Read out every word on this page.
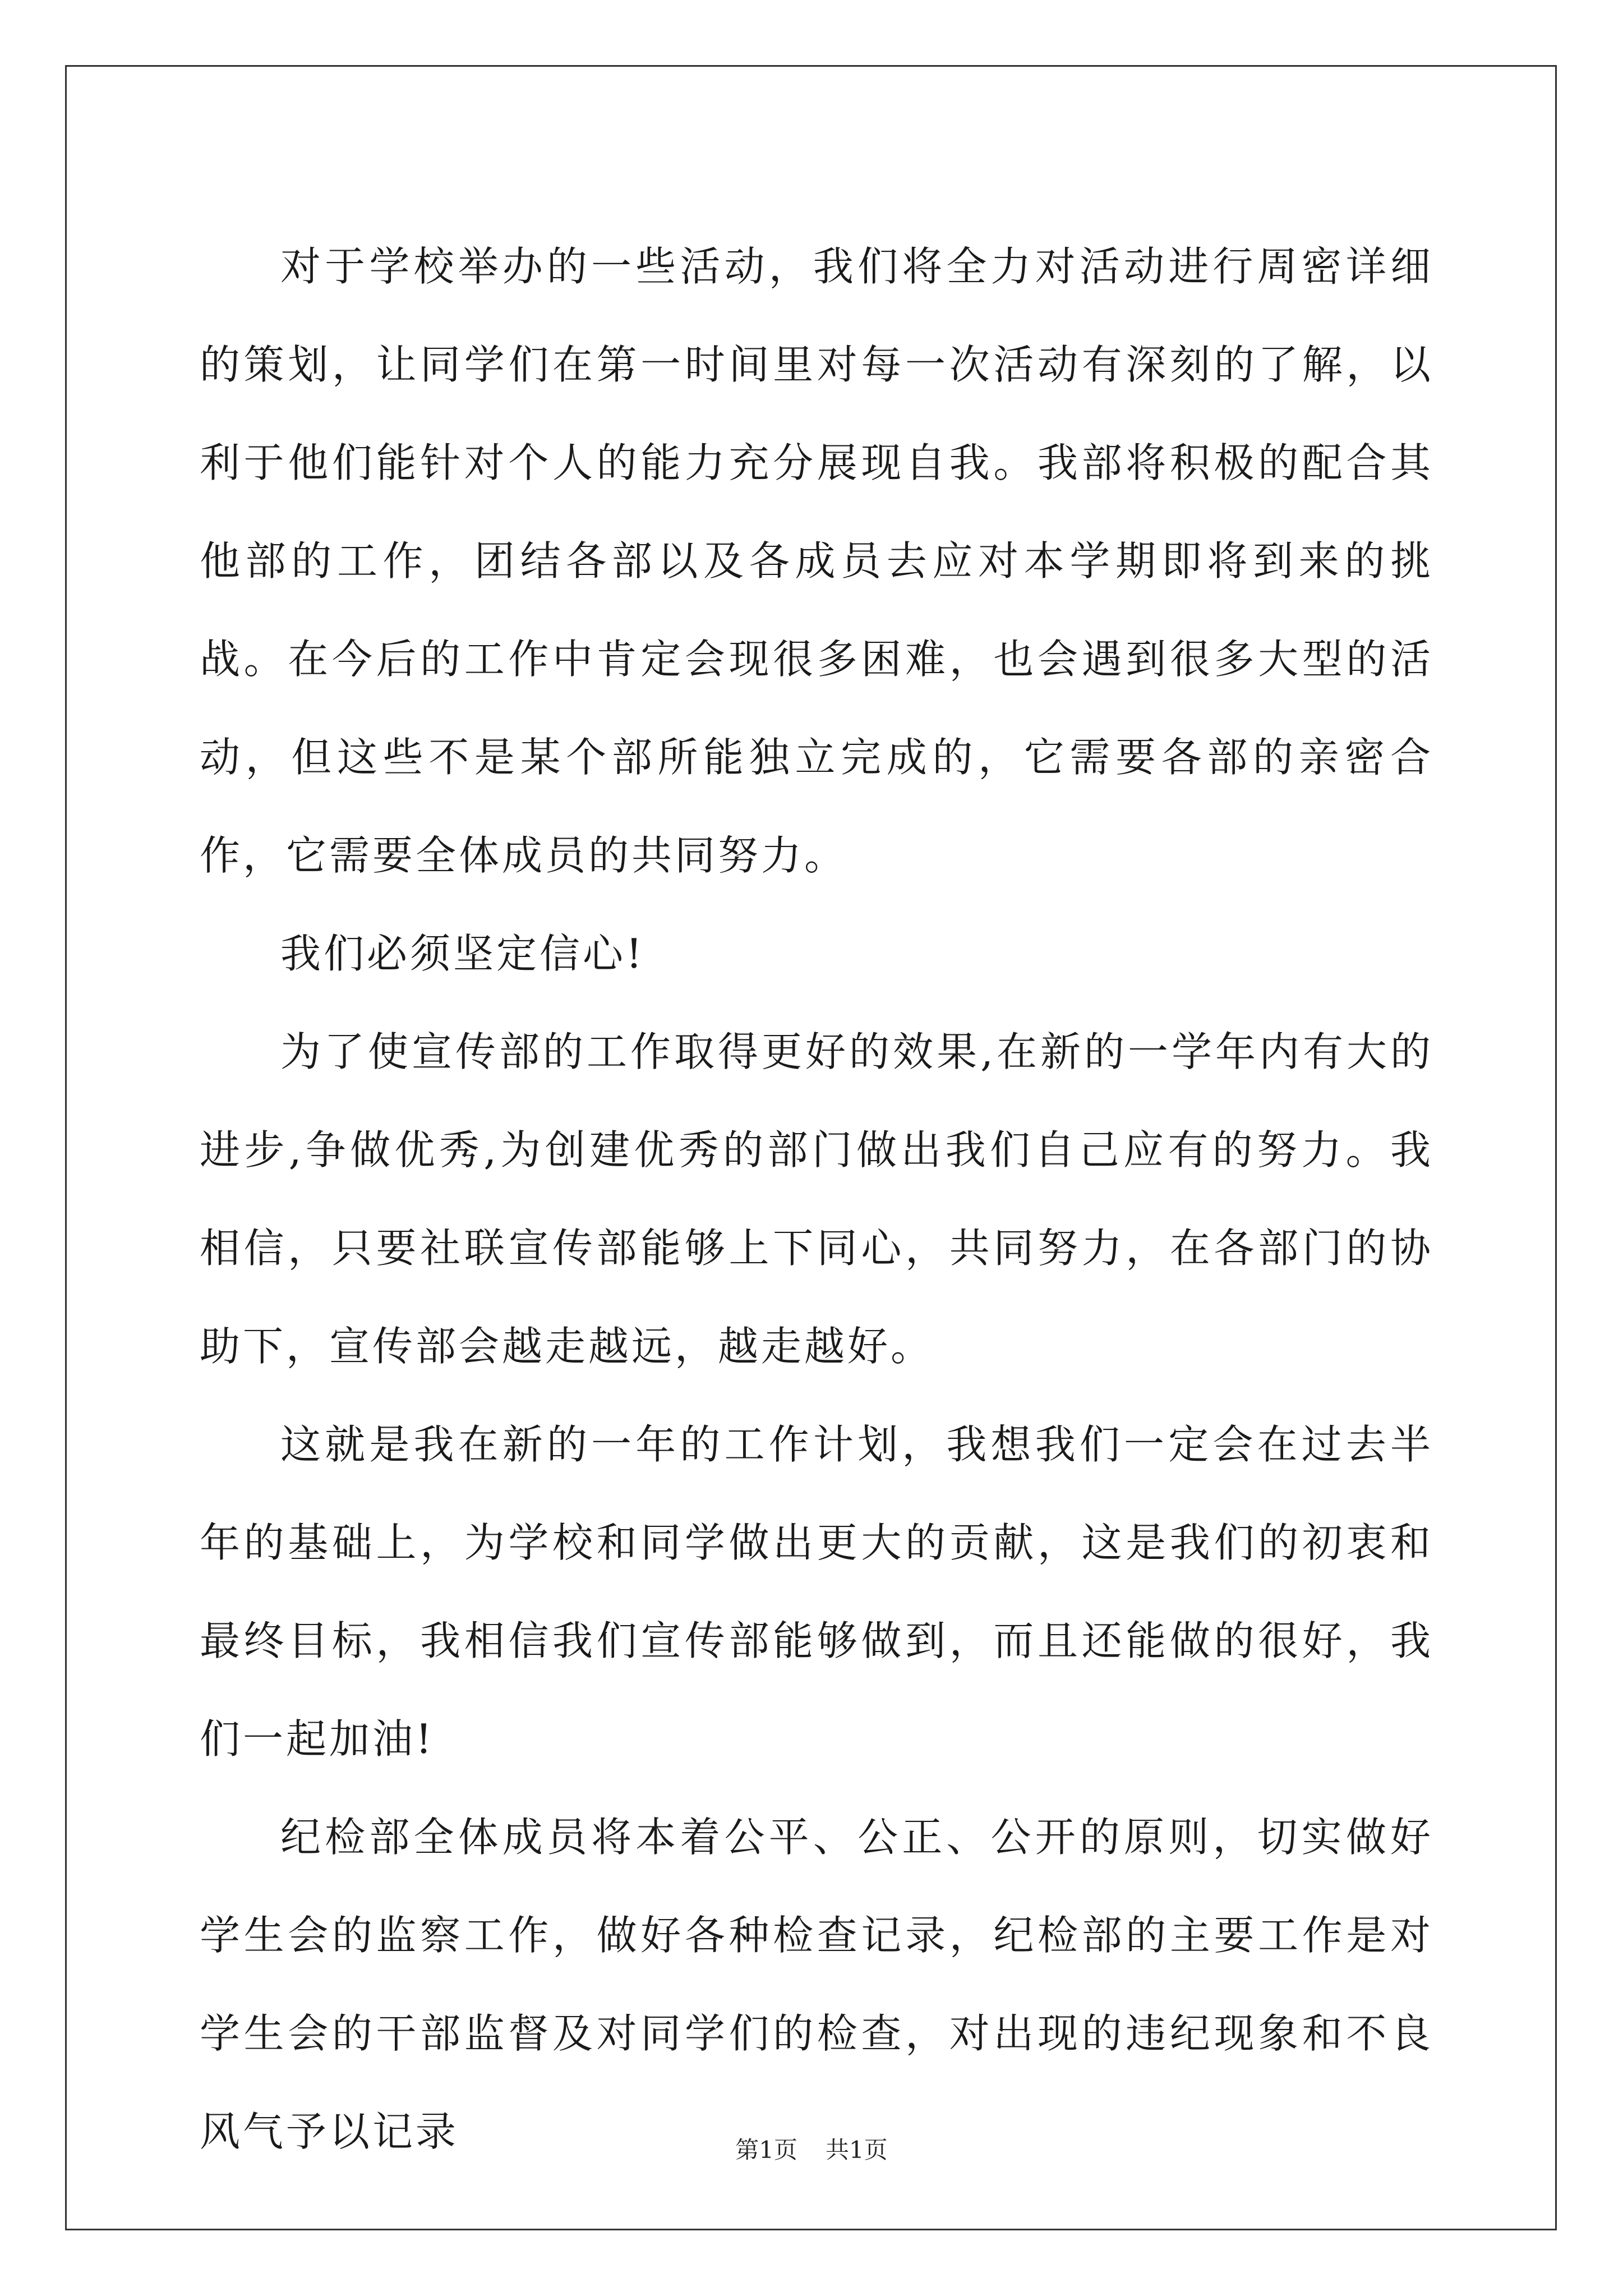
对于学校举办的一些活动，我们将全力对活动进行周密详细的策划，让同学们在第一时间里对每一次活动有深刻的了解，以利于他们能针对个人的能力充分展现自我。我部将积极的配合其他部的工作，团结各部以及各成员去应对本学期即将到来的挑战。在今后的工作中肯定会现很多困难，也会遇到很多大型的活动，但这些不是某个部所能独立完成的，它需要各部的亲密合作，它需要全体成员的共同努力。

我们必须坚定信心!

为了使宣传部的工作取得更好的效果,在新的一学年内有大的进步,争做优秀,为创建优秀的部门做出我们自己应有的努力。我相信，只要社联宣传部能够上下同心，共同努力，在各部门的协助下，宣传部会越走越远，越走越好。

这就是我在新的一年的工作计划，我想我们一定会在过去半年的基础上，为学校和同学做出更大的贡献，这是我们的初衷和最终目标，我相信我们宣传部能够做到，而且还能做的很好，我们一起加油!

纪检部全体成员将本着公平、公正、公开的原则，切实做好学生会的监察工作，做好各种检查记录，纪检部的主要工作是对学生会的干部监督及对同学们的检查，对出现的违纪现象和不良风气予以记录	第1页 共1页
